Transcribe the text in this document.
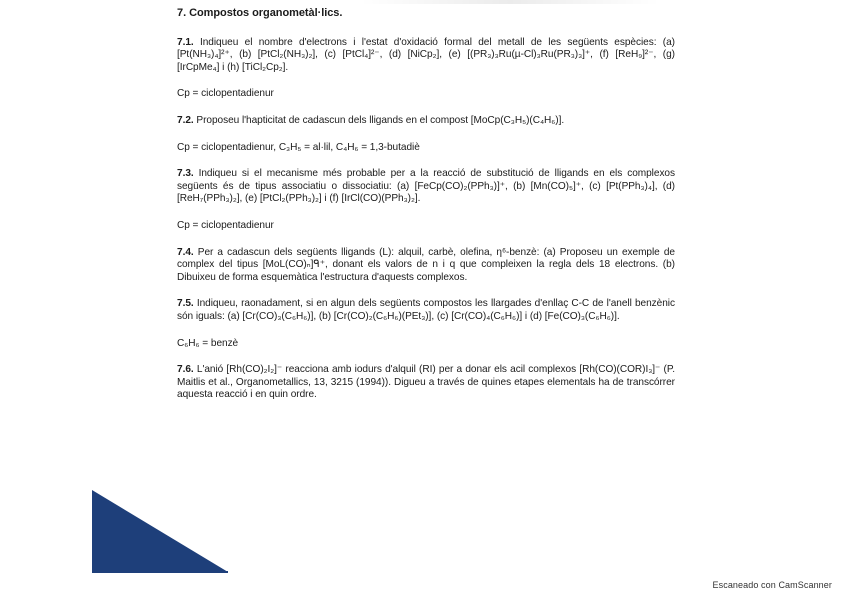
7. Compostos organometàl·lics.

7.1. Indiqueu el nombre d'electrons i l'estat d'oxidació formal del metall de les següents espècies: (a) [Pt(NH₃)₄]²⁺, (b) [PtCl₂(NH₃)₂], (c) [PtCl₄]²⁻, (d) [NiCp₂], (e) [(PR₃)₃Ru(µ-Cl)₃Ru(PR₃)₃]⁺, (f) [ReH₉]²⁻, (g) [IrCpMe₄] i (h) [TiCl₂Cp₂].

Cp = ciclopentadienur

7.2. Proposeu l'hapticitat de cadascun dels lligands en el compost [MoCp(C₃H₅)(C₄H₆)].

Cp = ciclopentadienur, C₃H₅ = al·lil, C₄H₆ = 1,3-butadiè

7.3. Indiqueu si el mecanisme més probable per a la reacció de substitució de lligands en els complexos següents és de tipus associatiu o dissociatiu: (a) [FeCp(CO)₂(PPh₃)]⁺, (b) [Mn(CO)₅]⁺, (c) [Pt(PPh₃)₄], (d) [ReH₇(PPh₃)₂], (e) [PtCl₂(PPh₃)₂] i (f) [IrCl(CO)(PPh₃)₂].

Cp = ciclopentadienur

7.4. Per a cadascun dels següents lligands (L): alquil, carbè, olefina, η⁶-benzè: (a) Proposeu un exemple de complex del tipus [MoL(CO)ₙ]ᑫ⁺, donant els valors de n i q que compleixen la regla dels 18 electrons. (b) Dibuixeu de forma esquemàtica l'estructura d'aquests complexos.

7.5. Indiqueu, raonadament, si en algun dels següents compostos les llargades d'enllaç C-C de l'anell benzènic són iguals: (a) [Cr(CO)₃(C₆H₆)], (b) [Cr(CO)₂(C₆H₆)(PEt₃)], (c) [Cr(CO)₄(C₆H₆)] i (d) [Fe(CO)₃(C₆H₆)].

C₆H₆ = benzè

7.6. L'anió [Rh(CO)₂I₂]⁻ reacciona amb iodurs d'alquil (RI) per a donar els acil complexos [Rh(CO)(COR)I₃]⁻ (P. Maitlis et al., Organometallics, 13, 3215 (1994)). Digueu a través de quines etapes elementals ha de transcórrer aquesta reacció i en quin ordre.

Escaneado con CamScanner
